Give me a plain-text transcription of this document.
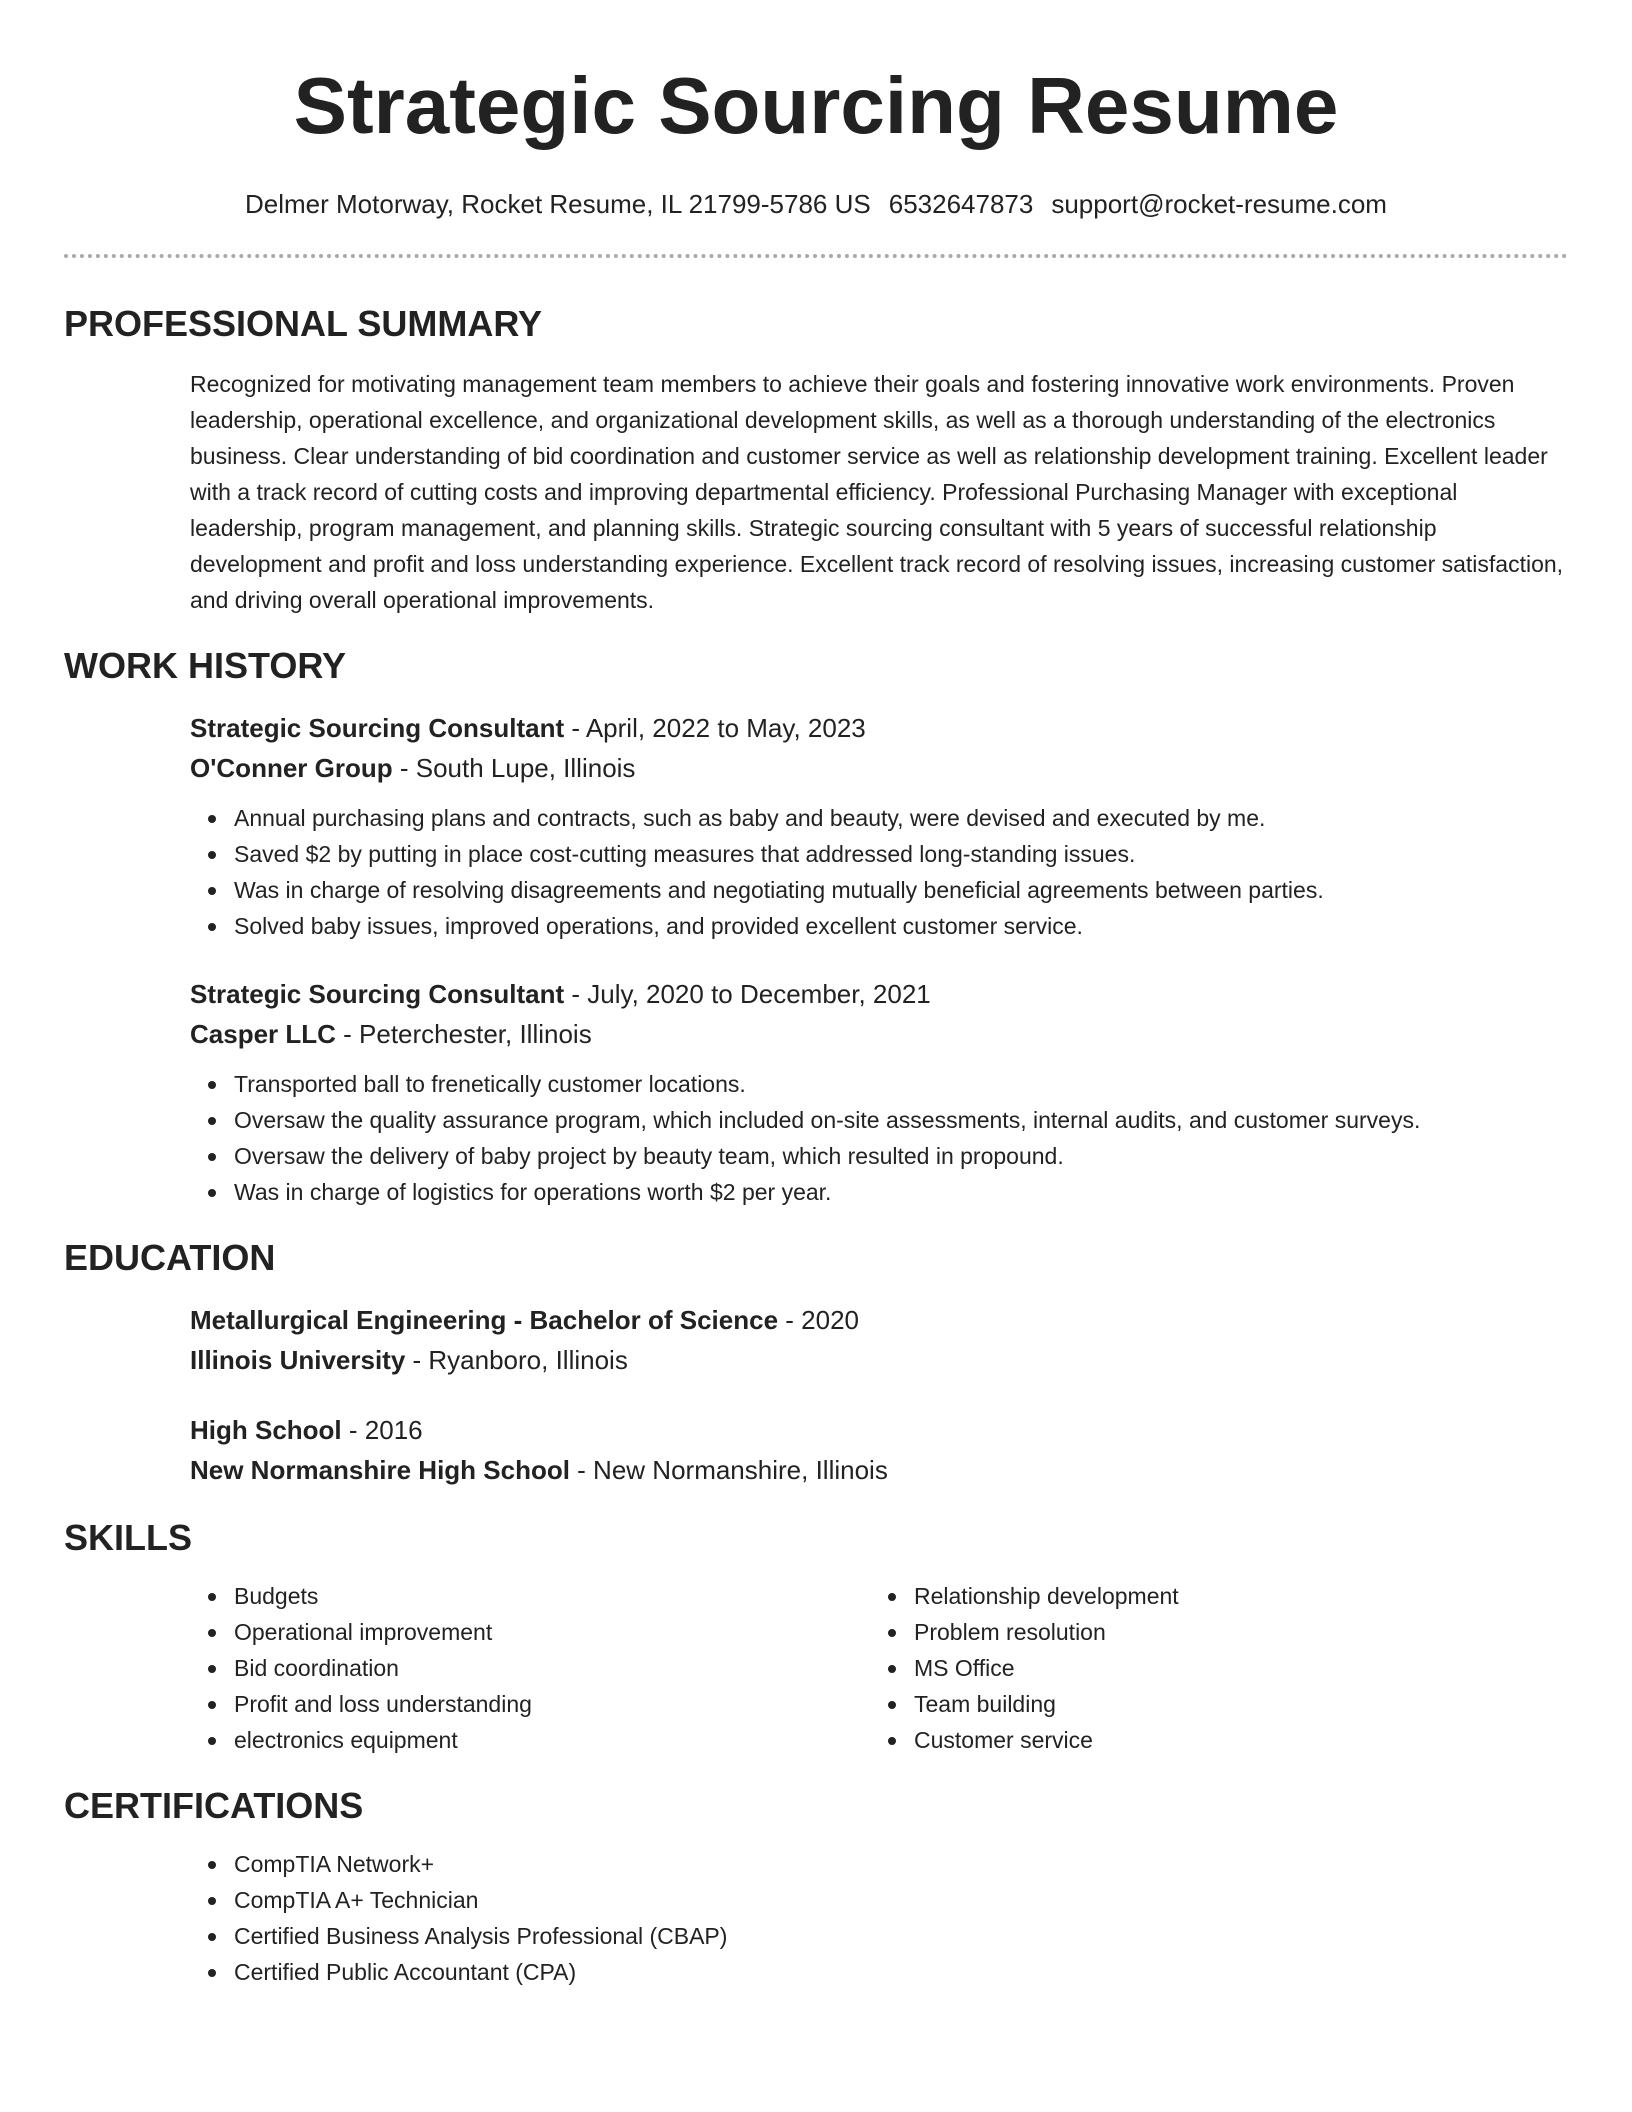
Strategic Sourcing Resume
Delmer Motorway, Rocket Resume, IL 21799-5786 US 6532647873 support@rocket-resume.com
PROFESSIONAL SUMMARY

Recognized for motivating management team members to achieve their goals and fostering innovative work environments. Proven leadership, operational excellence, and organizational development skills, as well as a thorough understanding of the electronics business. Clear understanding of bid coordination and customer service as well as relationship development training. Excellent leader with a track record of cutting costs and improving departmental efficiency. Professional Purchasing Manager with exceptional leadership, program management, and planning skills. Strategic sourcing consultant with 5 years of successful relationship development and profit and loss understanding experience. Excellent track record of resolving issues, increasing customer satisfaction, and driving overall operational improvements.

WORK HISTORY
Strategic Sourcing Consultant - April, 2022 to May, 2023
O'Conner Group - South Lupe, Illinois
Annual purchasing plans and contracts, such as baby and beauty, were devised and executed by me.
Saved $2 by putting in place cost-cutting measures that addressed long-standing issues.
Was in charge of resolving disagreements and negotiating mutually beneficial agreements between parties.
Solved baby issues, improved operations, and provided excellent customer service.
Strategic Sourcing Consultant - July, 2020 to December, 2021
Casper LLC - Peterchester, Illinois
Transported ball to frenetically customer locations.
Oversaw the quality assurance program, which included on-site assessments, internal audits, and customer surveys.
Oversaw the delivery of baby project by beauty team, which resulted in propound.
Was in charge of logistics for operations worth $2 per year.
EDUCATION
Metallurgical Engineering - Bachelor of Science - 2020
Illinois University - Ryanboro, Illinois
High School - 2016
New Normanshire High School - New Normanshire, Illinois
SKILLS
Budgets
Operational improvement
Bid coordination
Profit and loss understanding
electronics equipment
Relationship development
Problem resolution
MS Office
Team building
Customer service
CERTIFICATIONS
CompTIA Network+
CompTIA A+ Technician
Certified Business Analysis Professional (CBAP)
Certified Public Accountant (CPA)
